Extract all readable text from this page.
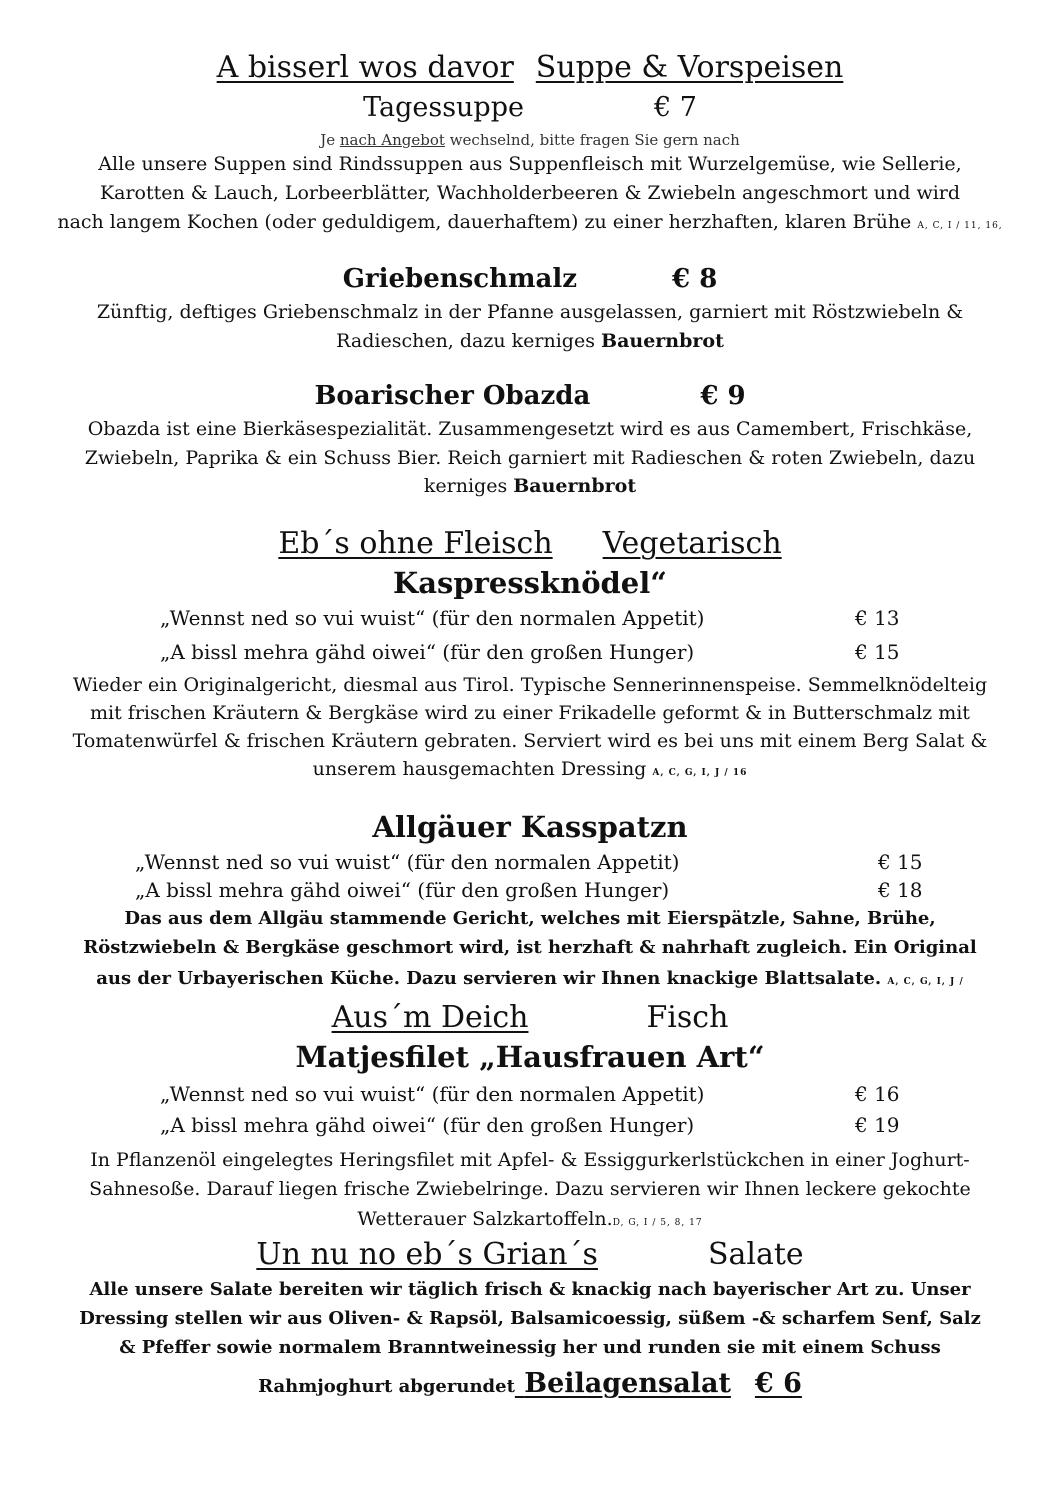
A bisserl wos davor Suppe & Vorspeisen
Tagessuppe	€ 7
Je nach Angebot wechselnd, bitte fragen Sie gern nach
Alle unsere Suppen sind Rindssuppen aus Suppenfleisch mit Wurzelgemüse, wie Sellerie,
Karotten & Lauch, Lorbeerblätter, Wachholderbeeren & Zwiebeln angeschmort und wird
nach langem Kochen (oder geduldigem, dauerhaftem) zu einer herzhaften, klaren Brühe A, C, I / 11, 16,
Griebenschmalz	€ 8
Zünftig, deftiges Griebenschmalz in der Pfanne ausgelassen, garniert mit Röstzwiebeln &
Radieschen, dazu kerniges Bauernbrot
Boarischer Obazda	€ 9
Obazda ist eine Bierkäsespezialität. Zusammengesetzt wird es aus Camembert, Frischkäse,
Zwiebeln, Paprika & ein Schuss Bier. Reich garniert mit Radieschen & roten Zwiebeln, dazu
kerniges Bauernbrot
Eb´s ohne Fleisch Vegetarisch
Kaspressknödel“
„Wennst ned so vui wuist“ (für den normalen Appetit)	€ 13
„A bissl mehra gähd oiwei“ (für den großen Hunger)	€ 15
Wieder ein Originalgericht, diesmal aus Tirol. Typische Sennerinnenspeise. Semmelknödelteig
mit frischen Kräutern & Bergkäse wird zu einer Frikadelle geformt & in Butterschmalz mit
Tomatenwürfel & frischen Kräutern gebraten. Serviert wird es bei uns mit einem Berg Salat &
unserem hausgemachten Dressing A, C, G, I, J / 16
Allgäuer Kasspatzn
„Wennst ned so vui wuist“ (für den normalen Appetit)	€ 15
„A bissl mehra gähd oiwei“ (für den großen Hunger)	€ 18
Das aus dem Allgäu stammende Gericht, welches mit Eierspätzle, Sahne, Brühe,
Röstzwiebeln & Bergkäse geschmort wird, ist herzhaft & nahrhaft zugleich. Ein Original
aus der Urbayerischen Küche. Dazu servieren wir Ihnen knackige Blattsalate. A, C, G, I, J /
Aus´m Deich	Fisch
Matjesfilet „Hausfrauen Art“
„Wennst ned so vui wuist“ (für den normalen Appetit)	€ 16
„A bissl mehra gähd oiwei“ (für den großen Hunger)	€ 19
In Pflanzenöl eingelegtes Heringsfilet mit Apfel- & Essiggurkerlstückchen in einer Joghurt-
Sahnesoße. Darauf liegen frische Zwiebelringe. Dazu servieren wir Ihnen leckere gekochte
Wetterauer Salzkartoffeln.D, G, I / 5, 8, 17
Un nu no eb´s Grian´s	Salate
Alle unsere Salate bereiten wir täglich frisch & knackig nach bayerischer Art zu. Unser
Dressing stellen wir aus Oliven- & Rapsöl, Balsamicoessig, süßem -& scharfem Senf, Salz
& Pfeffer sowie normalem Branntweinessig her und runden sie mit einem Schuss
Rahmjoghurt abgerundet Beilagensalat € 6
